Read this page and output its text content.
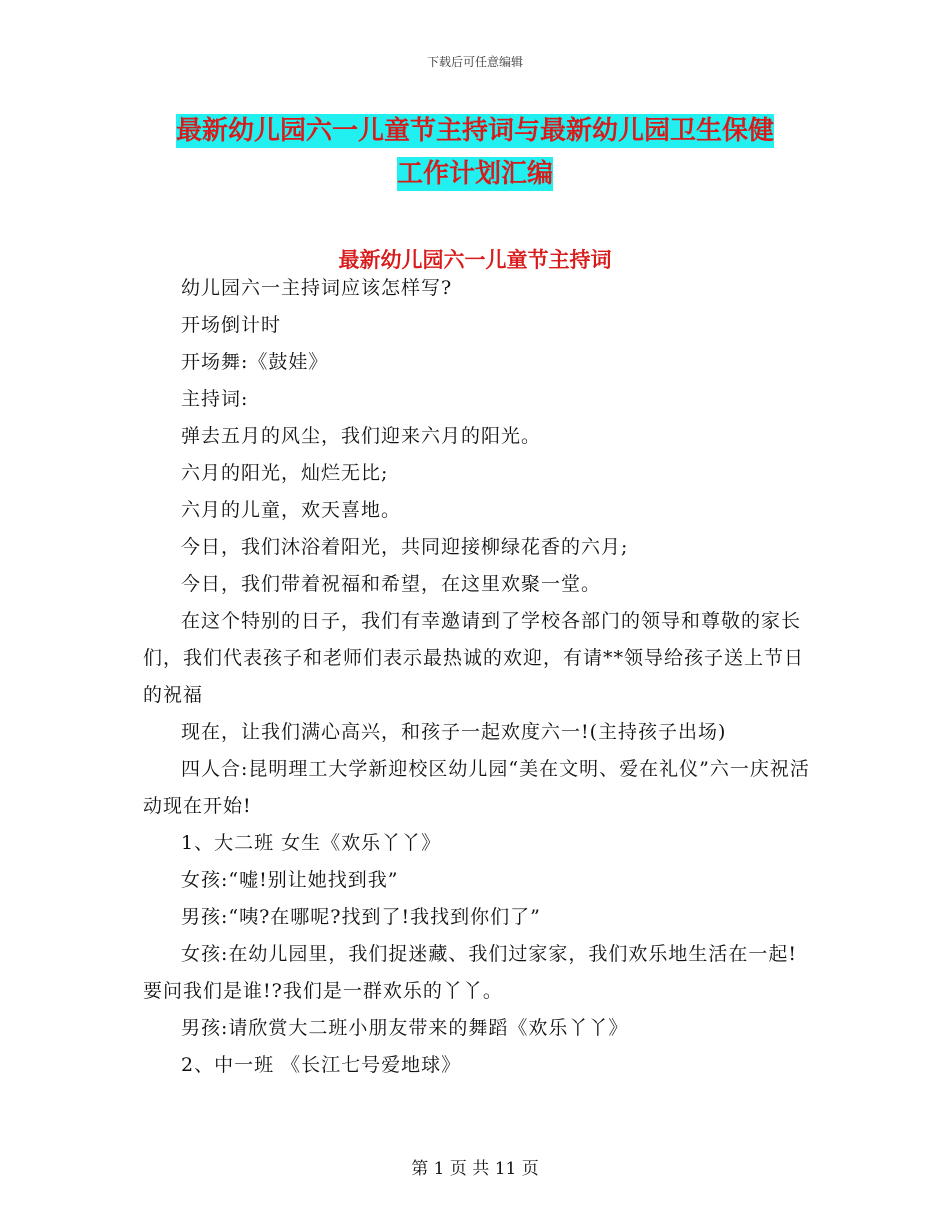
下载后可任意编辑
最新幼儿园六一儿童节主持词与最新幼儿园卫生保健
工作计划汇编
最新幼儿园六一儿童节主持词

幼儿园六一主持词应该怎样写?

开场倒计时

开场舞:《鼓娃》

主持词:

弹去五月的风尘，我们迎来六月的阳光。

六月的阳光，灿烂无比;

六月的儿童，欢天喜地。

今日，我们沐浴着阳光，共同迎接柳绿花香的六月;

今日，我们带着祝福和希望，在这里欢聚一堂。

在这个特别的日子，我们有幸邀请到了学校各部门的领导和尊敬的家长们，我们代表孩子和老师们表示最热诚的欢迎，有请**领导给孩子送上节日的祝福

现在，让我们满心高兴，和孩子一起欢度六一!(主持孩子出场)

四人合:昆明理工大学新迎校区幼儿园“美在文明、爱在礼仪”六一庆祝活动现在开始!

1、大二班 女生《欢乐丫丫》

女孩:“嘘!别让她找到我”

男孩:“咦?在哪呢?找到了!我找到你们了”

女孩:在幼儿园里，我们捉迷藏、我们过家家，我们欢乐地生活在一起!要问我们是谁!?我们是一群欢乐的丫丫。

男孩:请欣赏大二班小朋友带来的舞蹈《欢乐丫丫》

2、中一班 《长江七号爱地球》

第 1 页 共 11 页
